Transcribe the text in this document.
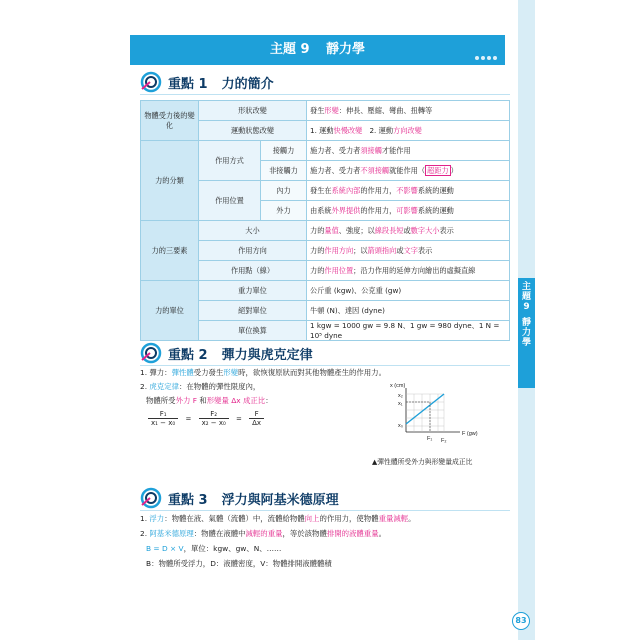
主題9
靜力學
主題 9 靜力學
重點 1 力的簡介
物體受力後的變化	形狀改變		發生形變：伸長、壓縮、彎曲、扭轉等
	運動狀態改變		1. 運動快慢改變　2. 運動方向改變
力的分類	作用方式	接觸力	施力者、受力者須接觸才能作用
		非接觸力	施力者、受力者不須接觸就能作用（ 超距力 ）
	作用位置	內力	發生在系統內部的作用力，不影響系統的運動
		外力	由系統外界提供的作用力，可影響系統的運動
力的三要素	大小		力的量值、強度；以線段長短或數字大小表示
	作用方向		力的作用方向；以箭頭指向或文字表示
	作用點（線）		力的作用位置；沿力作用的延伸方向繪出的虛擬直線
力的單位	重力單位		公斤重 (kgw)、公克重 (gw)
	絕對單位		牛頓 (N)、達因 (dyne)
	單位換算		1 kgw = 1000 gw = 9.8 N、1 gw = 980 dyne、1 N = 10⁵ dyne
重點 2 彈力與虎克定律
1. 彈力：彈性體受力發生形變時，欲恢復原狀而對其他物體產生的作用力。
2. 虎克定律：在物體的彈性限度內，
物體所受外力 F 和形變量 Δx 成正比：
$\frac{\text{F₁}}{\text{x₁ − x₀}} = \frac{\text{F₂}}{\text{x₂ − x₀}} = \frac{F}{\Delta x}$
x (cm)
x₂
x₁
x₀
F₁ F₂
F (gw)
▲彈性體所受外力與形變量成正比
重點 3 浮力與阿基米德原理
1. 浮力：物體在液、氣體（流體）中，流體給物體向上的作用力，使物體重量減輕。
2. 阿基米德原理：物體在液體中減輕的重量，等於該物體排開的液體重量。
B = D × V，單位：kgw、gw、N、……
B：物體所受浮力，D：液體密度，V：物體排開液體體積
83
